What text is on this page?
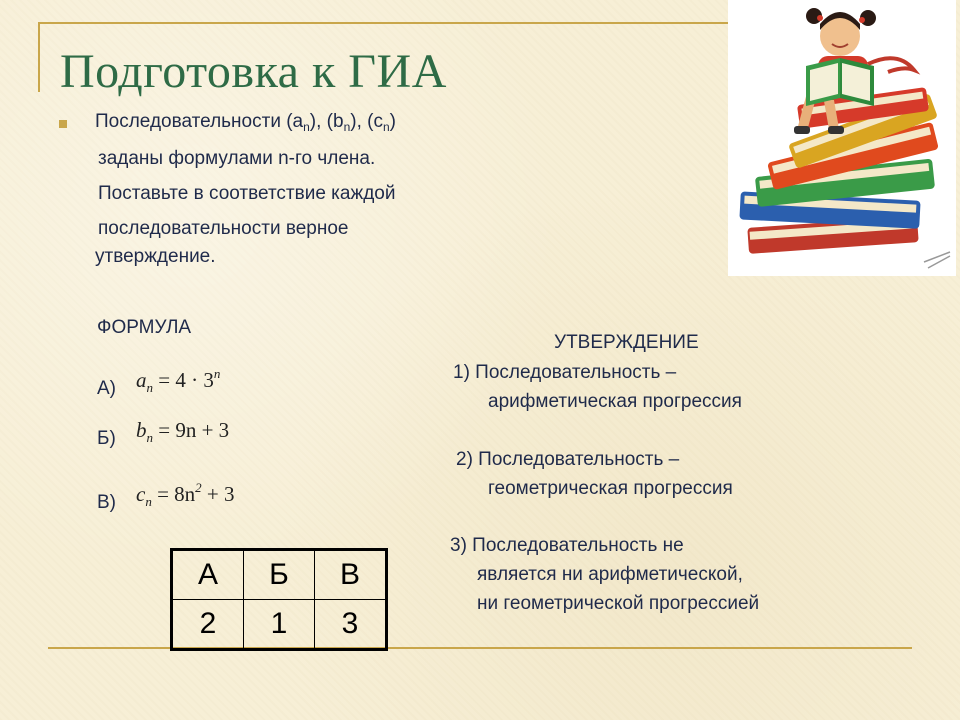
Подготовка к ГИА
Последовательности $(a_n)$, $(b_n)$, $(c_n)$
заданы формулами n-го члена.
Поставьте в соответствие каждой
последовательности верное
утверждение.
ФОРМУЛА
А) $a_n = 4 \cdot 3^n$
Б) $b_n = 9n + 3$
В) $c_n = 8n^2 + 3$
УТВЕРЖДЕНИЕ
1) Последовательность –
арифметическая прогрессия
2) Последовательность –
геометрическая прогрессия
3) Последовательность не
является ни арифметической,
ни геометрической прогрессией
А	Б	В
2	1	3
